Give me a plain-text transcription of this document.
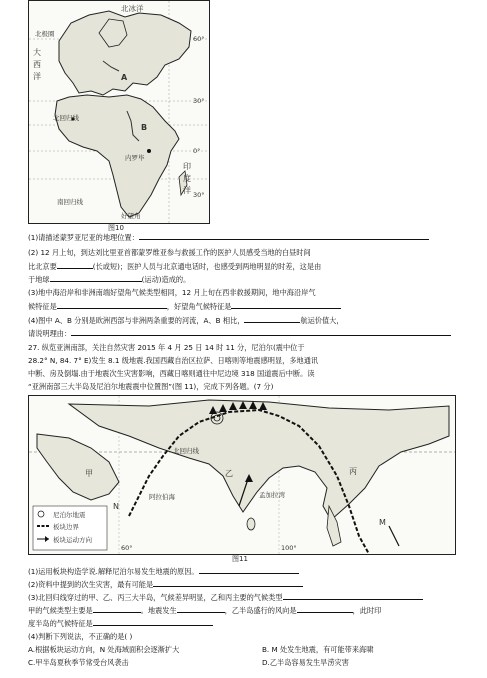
北冰洋
大
西
洋
北极圈
北回归线
南回归线
印
度
洋
好望角
60°
30°
0°
30°
内罗毕
A
B
图10
(1)请描述蒙罗亚尼亚的地理位置：
(2) 12 月上旬，到达刘比里亚首都蒙罗维亚参与救援工作的医护人员感受当地的白昼时间
比北京要	(长或短)；医护人员与北京通电话时，也感受到两地明显的时差，这是由
于地球	(运动)造成的。
(3)地中海沿岸和非洲南端好望角气候类型相同，12 月上旬在西非救援期间，地中海沿岸气
候特征是	，好望角气候特征是
(4)图中 A、B 分别是欧洲西部与非洲两条重要的河流，A、B 相比，	航运价值大，
请说明理由：
27. 纵览亚洲南部，关注自然灾害 2015 年 4 月 25 日 14 时 11 分，尼泊尔(震中位于
28.2° N, 84. 7° E)发生 8.1 级地震.我国西藏自治区拉萨、日喀则等地震感明显，多地通讯
中断、房及倒塌.由于地震次生灾害影响，西藏日喀则通往中尼边境 318 国道震后中断。读
“亚洲南部三大半岛及尼泊尔地震震中位置图”(图 11)，完成下列各题。(7 分)
北回归线
甲	乙	丙
阿拉伯海	孟加拉湾
尼泊尔地震
板块边界
板块运动方向
N
M
60°	100°
图11
(1)运用板块构造学说.解释尼泊尔易发生地震的原因。
(2)资料中提到的次生灾害，最有可能是
(3)北回归线穿过的甲、乙、丙三大半岛，气候差异明显，乙和丙主要的气候类型
甲的气候类型主要是	。地震发生	，乙半岛盛行的风向是	，此时印
度半岛的气候特征是
(4)判断下列说法，不正确的是( )
A.根据板块运动方向，N 处海域面积会逐渐扩大	B. M 处发生地震，有可能带来海啸
C.甲半岛夏秋季节常受台风袭击	D.乙半岛容易发生旱涝灾害
